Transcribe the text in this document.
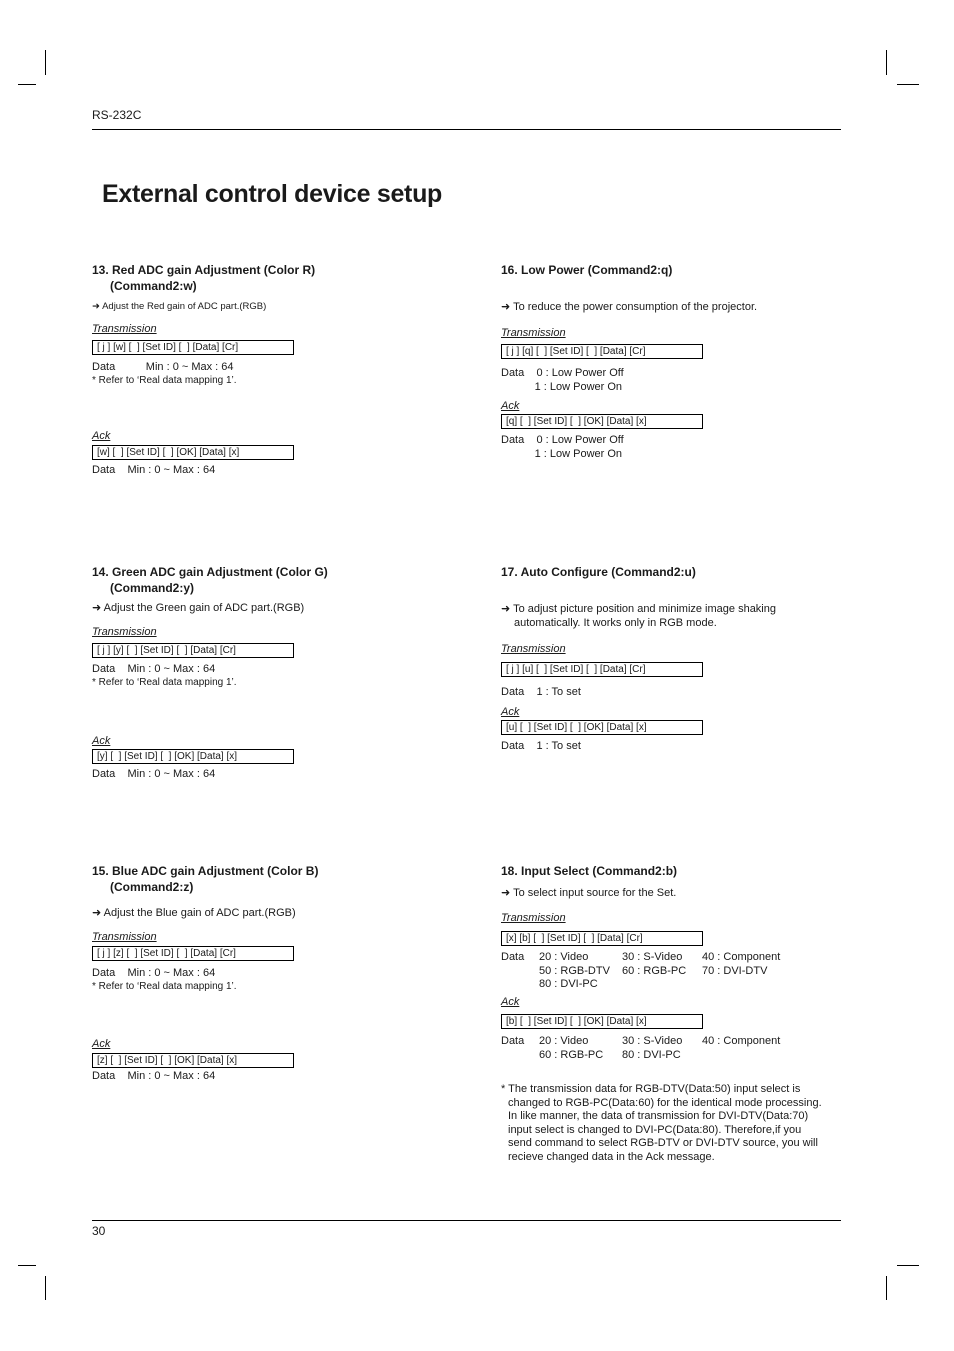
RS-232C
External control device setup

13. Red ADC gain Adjustment (Color R)
(Command2:w)

➜ Adjust the Red gain of ADC part.(RGB)
Transmission
[ j ] [w] [  ] [Set ID] [  ] [Data] [Cr]
Data          Min : 0 ~ Max : 64
* Refer to ‘Real data mapping 1’.
Ack
[w] [  ] [Set ID] [  ] [OK] [Data] [x]
Data    Min : 0 ~ Max : 64

14. Green ADC gain Adjustment (Color G)
(Command2:y)

➜ Adjust the Green gain of ADC part.(RGB)
Transmission
[ j ] [y] [  ] [Set ID] [  ] [Data] [Cr]
Data    Min : 0 ~ Max : 64
* Refer to ‘Real data mapping 1’.
Ack
[y] [  ] [Set ID] [  ] [OK] [Data] [x]
Data    Min : 0 ~ Max : 64

15. Blue ADC gain Adjustment (Color B)
(Command2:z)

➜ Adjust the Blue gain of ADC part.(RGB)
Transmission
[ j ] [z] [  ] [Set ID] [  ] [Data] [Cr]
Data    Min : 0 ~ Max : 64
* Refer to ‘Real data mapping 1’.
Ack
[z] [  ] [Set ID] [  ] [OK] [Data] [x]
Data    Min : 0 ~ Max : 64

16. Low Power (Command2:q)

➜ To reduce the power consumption of the projector.
Transmission
[ j ] [q] [  ] [Set ID] [  ] [Data] [Cr]
Data    0 : Low Power Off
1 : Low Power On
Ack
[q] [  ] [Set ID] [  ] [OK] [Data] [x]
Data    0 : Low Power Off
1 : Low Power On

17. Auto Configure (Command2:u)

➜ To adjust picture position and minimize image shaking
automatically. It works only in RGB mode.
Transmission
[ j ] [u] [  ] [Set ID] [  ] [Data] [Cr]
Data    1 : To set
Ack
[u] [  ] [Set ID] [  ] [OK] [Data] [x]
Data    1 : To set

18. Input Select (Command2:b)

➜ To select input source for the Set.
Transmission
[x] [b] [  ] [Set ID] [  ] [Data] [Cr]
Data 20 : Video	30 : S-Video 40 : Component
50 : RGB-DTV 60 : RGB-PC 70 : DVI-DTV
80 : DVI-PC
Ack
[b] [  ] [Set ID] [  ] [OK] [Data] [x]
Data 20 : Video	30 : S-Video 40 : Component
60 : RGB-PC 80 : DVI-PC
* The transmission data for RGB-DTV(Data:50) input select is
changed to RGB-PC(Data:60) for the identical mode processing.
In like manner, the data of transmission for DVI-DTV(Data:70)
input select is changed to DVI-PC(Data:80). Therefore,if you
send command to select RGB-DTV or DVI-DTV source, you will
recieve changed data in the Ack message.
30
